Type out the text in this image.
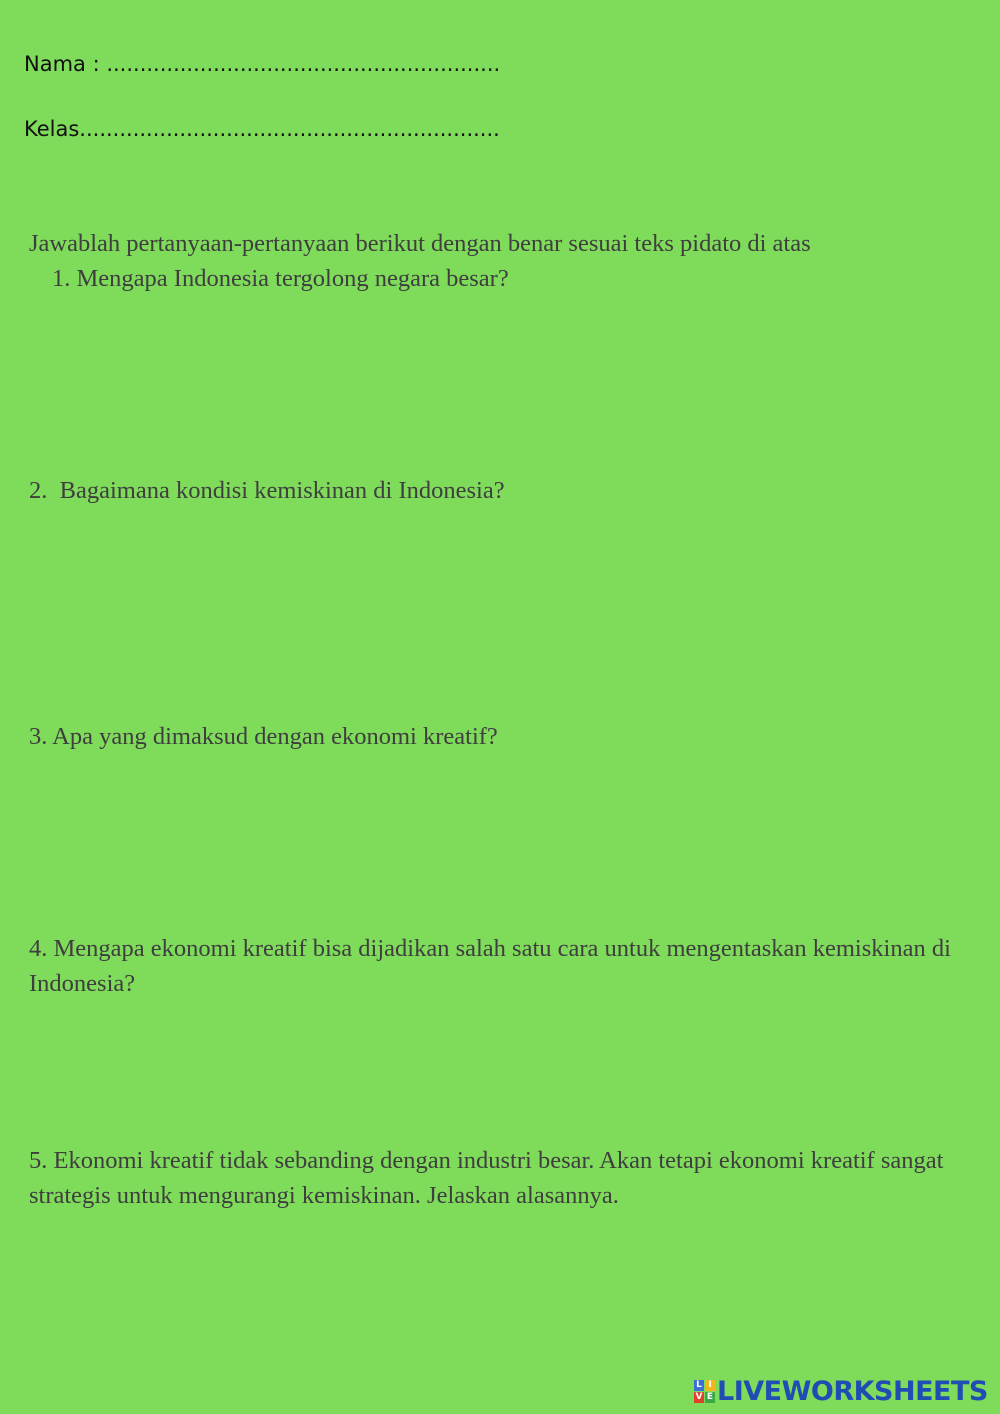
Nama : ...........................................................
Kelas...............................................................
Jawablah pertanyaan-pertanyaan berikut dengan benar sesuai teks pidato di atas
1. Mengapa Indonesia tergolong negara besar?
2. Bagaimana kondisi kemiskinan di Indonesia?
3. Apa yang dimaksud dengan ekonomi kreatif?
4. Mengapa ekonomi kreatif bisa dijadikan salah satu cara untuk mengentaskan kemiskinan di Indonesia?
5. Ekonomi kreatif tidak sebanding dengan industri besar. Akan tetapi ekonomi kreatif sangat strategis untuk mengurangi kemiskinan. Jelaskan alasannya.
L I
V E LIVEWORKSHEETS
